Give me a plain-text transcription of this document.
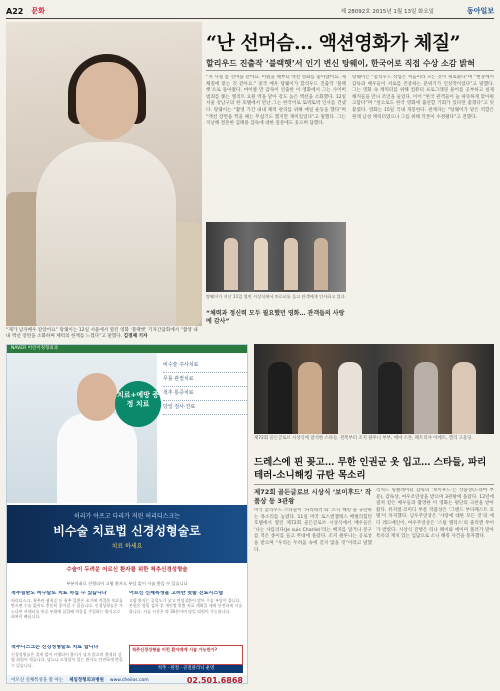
A22 문화	제 28092호 2015년 1월 13일 화요일	동아일보
“난 선머슴… 액션영화가 체질”
할리우드 진출작 ‘블랙햇’서 인기 변신 탕웨이, 한국어로 직접 수상 소감 밝혀
“저 사실 좀 선머슴 같아요. 어렸을 때부터 액션 영화를 좋아했어요. 제 체질에 맞는 것 같아요.” 중국 배우 탕웨이가 할리우드 진출작 ‘블랙햇’으로 돌아왔다. 마이클 만 감독이 연출한 이 영화에서 그는 사이버 범죄를 쫓는 엘리트 요원 역을 맡아 강도 높은 액션을 소화했다. 12일 서울 강남구의 한 호텔에서 만난 그는 한국어로 또박또박 인사를 건넸다. 탕웨이는 “촬영 기간 내내 체력 관리를 위해 매일 운동을 했다”며 “액션 장면을 찍을 때는 무섭기도 했지만 재미있었다”고 말했다. 그는 지난해 결혼한 김태용 감독에 대한 질문에도 웃으며 답했다.
탕웨이는 “할리우드 작업은 처음이라 모든 것이 새로웠다”며 “현장에서 감독과 배우들이 서로를 존중하는 분위기가 인상적이었다”고 말했다. 그는 영화 속 캐릭터를 위해 컴퓨터 프로그래밍 용어를 공부하고 실제 해커들을 만나 조언을 들었다. 이어 “한국 관객들이 늘 따뜻하게 맞아줘 고맙다”며 “앞으로도 한국 영화에 출연할 기회가 있다면 좋겠다”고 덧붙였다. 영화는 15일 국내 개봉한다. 관계자는 “탕웨이가 맡은 역할은 원래 남성 캐릭터였으나 그를 위해 각본이 수정됐다”고 전했다.
“제가 남자배우 같았어요” 탕웨이는 12일 서울에서 열린 영화 ‘블랙햇’ 기자간담회에서 “촬영 내내 액션 장면을 소화하며 체력의 한계를 느꼈다”고 말했다. 김경제 기자
NAVER 어린이정형외과
치료+예방 증정 치료
비수술 주사치료
무릎 관절치료
척추 통증치료
당일 검사·진료
허리가 아프고 다리가 저린 허리디스크는
비수술 치료법 신경성형술로
치료 하세요
수술이 두려운 어르신 환자를 위한 척추신경성형술
부분마취로 진행되어 고령 환자도 부담 없이 시술 받을 수 있습니다
척추질환도 비수술로 치료 하십 수 있습니다

허리디스크, 척추관 협착증 등 척추 질환은 초기에 적절한 치료를 받으면 수술 없이도 충분히 좋아질 수 있습니다. 신경성형술은 가느다란 카테터를 통증 부위에 삽입해 약물을 주입하는 방식으로 회복이 빠릅니다.

어르신 신체특성을 고려한 맞춤 진료시스템

고령 환자는 골밀도가 낮고 만성질환이 많아 수술 부담이 큽니다. 본원은 정밀 검사 후 개인별 맞춤 치료 계획을 세워 안전하게 시술합니다. 시술 시간은 약 30분이며 당일 퇴원이 가능합니다.

척추디스크는 신경성형술로 치료 합니다

신경성형술은 절개 없이 시행되어 흉터가 남지 않으며 출혈과 감염 위험이 적습니다. 당뇨나 고혈압이 있는 환자도 안전하게 받을 수 있습니다.

척추신경성형술 이런 환자에게 시술 가능한가?
척추 · 관절 · 골절클리닉 운영
어르신 신체특성을 잘 아는 제일정형외과병원 www.cheilos.com	02.501.6868
탕웨이가 지난 11일 열린 시상식에서 트로피를 들고 관객에게 인사하고 있다.
“체력과 정신력 모두 필요했던 영화… 관객들의 사랑에 감사”
제72회 골든글로브 시상식에 참석한 스타들. 왼쪽부터 조지 클루니 부부, 에마 스톤, 패트리샤 아케트, 엘리 고울딩.
드레스에 핀 꽂고… 무한 인권군 옷 입고… 스타들, 파리테러-소니해킹 규탄 목소리
제72회 골든글로브 시상식 ‘보이후드’ 작품상 등 3관왕
미국 할리우드 스타들이 ‘파리테러’와 ‘소니 해킹’을 규탄하는 목소리를 높였다. 11일 미국 로스앤젤레스 베벌리힐턴 호텔에서 열린 제72회 골든글로브 시상식에서 배우들은 ‘나는 샤를리다(Je suis Charlie)’라는 배지를 달거나 문구를 적은 종이를 들고 무대에 올랐다. 조지 클루니는 공로상을 받으며 “우리는 두려움 속에 걷지 않을 것”이라고 말했다.
리처드 링클레이터 감독의 ‘보이후드’는 작품상(드라마 부문), 감독상, 여우조연상을 받으며 3관왕에 올랐다. 12년에 걸쳐 같은 배우들과 촬영한 이 영화는 평단의 극찬을 받아 왔다. 뮤지컬·코미디 부문 작품상은 ‘그랜드 부다페스트 호텔’이 차지했다. 남우주연상은 ‘사랑에 대한 모든 것’의 에디 레드메인이, 여우주연상은 ‘스틸 앨리스’의 줄리앤 무어가 받았다. 시상식 진행은 티나 페이와 에이미 폴러가 맡아 특유의 재치 있는 입담으로 소니 해킹 사건을 풍자했다.
